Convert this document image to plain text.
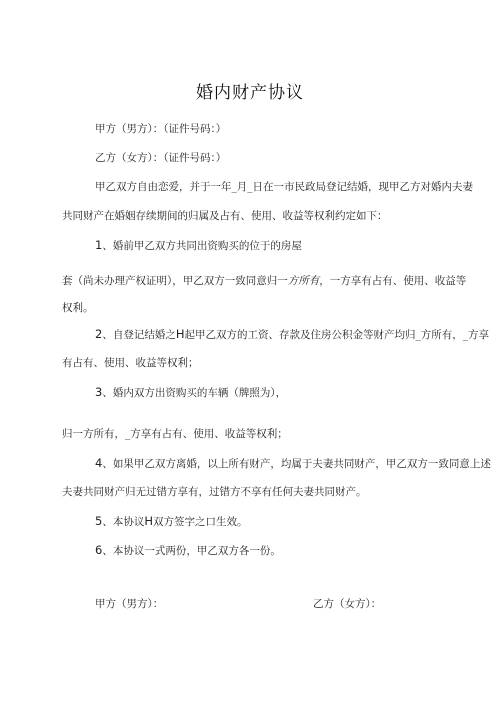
婚内财产协议
甲方（男方）：（证件号码：）
乙方（女方）：（证件号码：）
甲乙双方自由恋爱，并于一年_月_日在一市民政局登记结婚，现甲乙方对婚内夫妻
共同财产在婚姻存续期间的归属及占有、使用、收益等权利约定如下：
1、婚前甲乙双方共同出资购买的位于的房屋
套（尚未办理产权证明），甲乙双方一致同意归一方所有，一方享有占有、使用、收益等
权利。
2、自登记结婚之H起甲乙双方的工资、存款及住房公积金等财产均归_方所有，_方享
有占有、使用、收益等权利；
3、婚内双方出资购买的车辆（牌照为），
归一方所有，_方享有占有、使用、收益等权利；
4、如果甲乙双方离婚，以上所有财产，均属于夫妻共同财产，甲乙双方一致同意上述
夫妻共同财产归无过错方享有，过错方不享有任何夫妻共同财产。
5、本协议H双方签字之口生效。
6、本协议一式两份，甲乙双方各一份。
甲方（男方）：	乙方（女方）：
